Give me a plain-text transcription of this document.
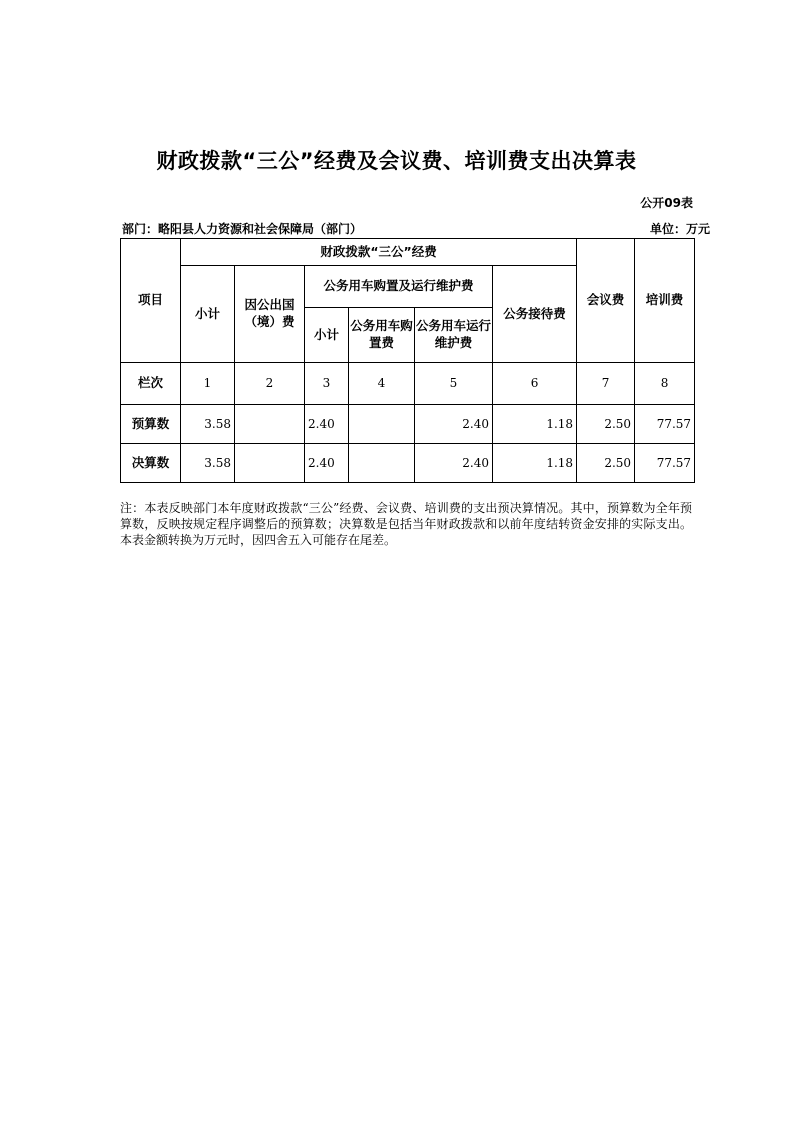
财政拨款“三公”经费及会议费、培训费支出决算表
公开09表
部门：略阳县人力资源和社会保障局（部门）	单位：万元
项目	财政拨款“三公”经费						会议费	培训费
	小计	因公出国（境）费	公务用车购置及运行维护费			公务接待费		
			小计	公务用车购置费	公务用车运行维护费			
栏次	1	2	3	4	5	6	7	8
预算数	3.58		2.40		2.40	1.18	2.50	77.57
决算数	3.58		2.40		2.40	1.18	2.50	77.57
注：本表反映部门本年度财政拨款“三公”经费、会议费、培训费的支出预决算情况。其中，预算数为全年预算数，反映按规定程序调整后的预算数；决算数是包括当年财政拨款和以前年度结转资金安排的实际支出。本表金额转换为万元时，因四舍五入可能存在尾差。
